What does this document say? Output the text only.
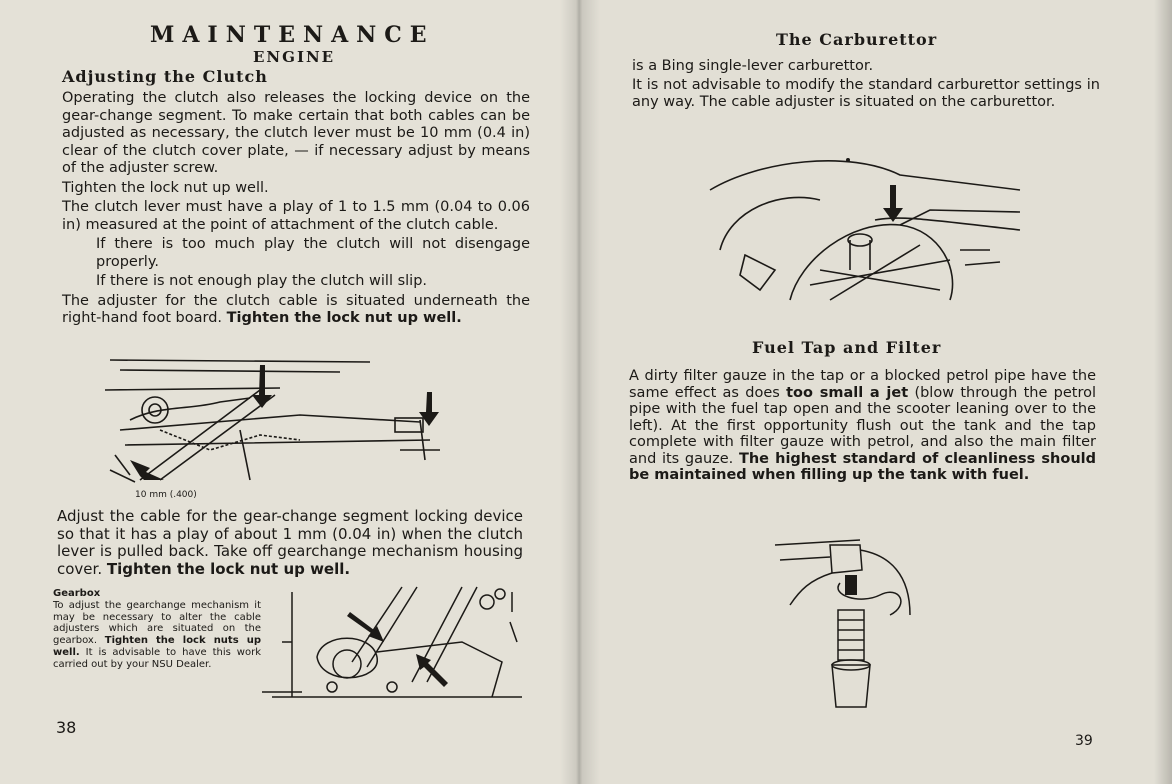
MAINTENANCE
ENGINE
Adjusting the Clutch

Operating the clutch also releases the locking device on the gear-change segment. To make certain that both cables can be adjusted as necessary, the clutch lever must be 10 mm (0.4 in) clear of the clutch cover plate, — if necessary adjust by means of the adjuster screw.

Tighten the lock nut up well.

The clutch lever must have a play of 1 to 1.5 mm (0.04 to 0.06 in) measured at the point of attachment of the clutch cable.

If there is too much play the clutch will not disengage properly.

If there is not enough play the clutch will slip.

The adjuster for the clutch cable is situated underneath the right-hand foot board. Tighten the lock nut up well.

10 mm (.400)
Adjust the cable for the gear-change segment locking device so that it has a play of about 1 mm (0.04 in) when the clutch lever is pulled back. Take off gearchange mechanism housing cover. Tighten the lock nut up well.
Gearbox
To adjust the gearchange mechanism it may be necessary to alter the cable adjusters which are situated on the gearbox. Tighten the lock nuts up well. It is advisable to have this work carried out by your NSU Dealer.
38
The Carburettor

is a Bing single-lever carburettor.

It is not advisable to modify the standard carburettor settings in any way. The cable adjuster is situated on the carburettor.

Fuel Tap and Filter
A dirty filter gauze in the tap or a blocked petrol pipe have the same effect as does too small a jet (blow through the petrol pipe with the fuel tap open and the scooter leaning over to the left). At the first opportunity flush out the tank and the tap complete with filter gauze with petrol, and also the main filter and its gauze. The highest standard of cleanliness should be maintained when filling up the tank with fuel.
39
